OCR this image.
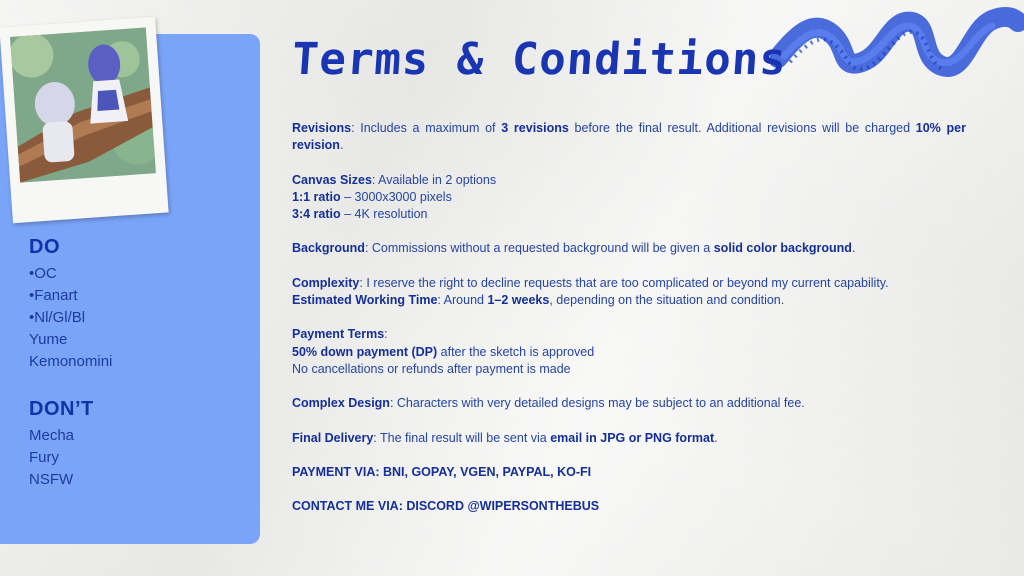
DO
•OC
•Fanart
•Nl/Gl/Bl
Yume
Kemonomini
DON’T
Mecha
Fury
NSFW
Terms & Conditions

Revisions: Includes a maximum of 3 revisions before the final result. Additional revisions will be charged 10% per revision.

Canvas Sizes: Available in 2 options

1:1 ratio – 3000x3000 pixels

3:4 ratio – 4K resolution

Background: Commissions without a requested background will be given a solid color background.

Complexity: I reserve the right to decline requests that are too complicated or beyond my current capability.

Estimated Working Time: Around 1–2 weeks, depending on the situation and condition.

Payment Terms:

50% down payment (DP) after the sketch is approved

No cancellations or refunds after payment is made

Complex Design: Characters with very detailed designs may be subject to an additional fee.

Final Delivery: The final result will be sent via email in JPG or PNG format.

PAYMENT VIA: BNI, GOPAY, VGEN, PAYPAL, KO-FI

CONTACT ME VIA: DISCORD @WIPERSONTHEBUS
